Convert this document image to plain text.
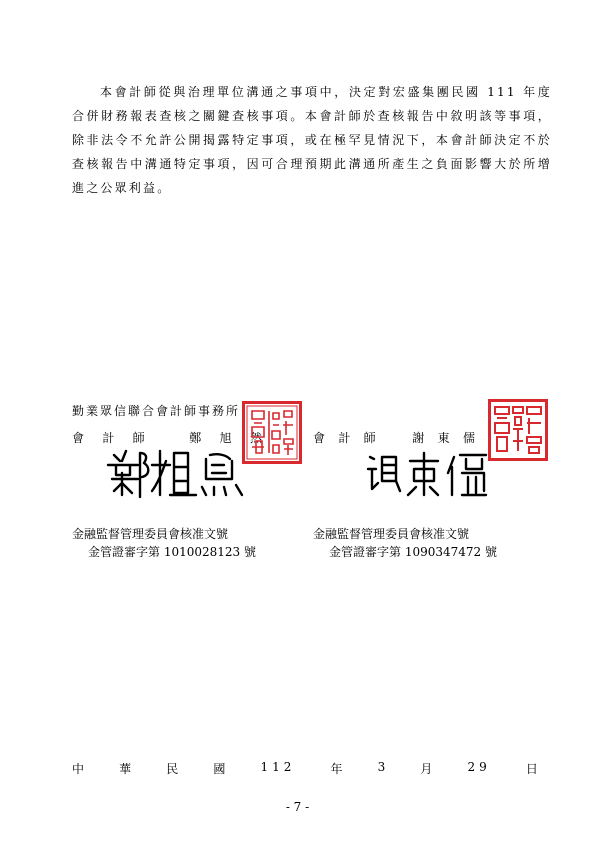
本會計師從與治理單位溝通之事項中，決定對宏盛集團民國 111 年度合併財務報表查核之關鍵查核事項。本會計師於查核報告中敘明該等事項，除非法令不允許公開揭露特定事項，或在極罕見情況下，本會計師決定不於查核報告中溝通特定事項，因可合理預期此溝通所產生之負面影響大於所增進之公眾利益。

勤業眾信聯合會計師事務所
會 計 師	鄭 旭 然	會 計 師	謝 東 儒
金融監督管理委員會核准文號
金管證審字第 1010028123 號
金融監督管理委員會核准文號
金管證審字第 1090347472 號
中	華	民	國	112	年	3	月	29	日
- 7 -
